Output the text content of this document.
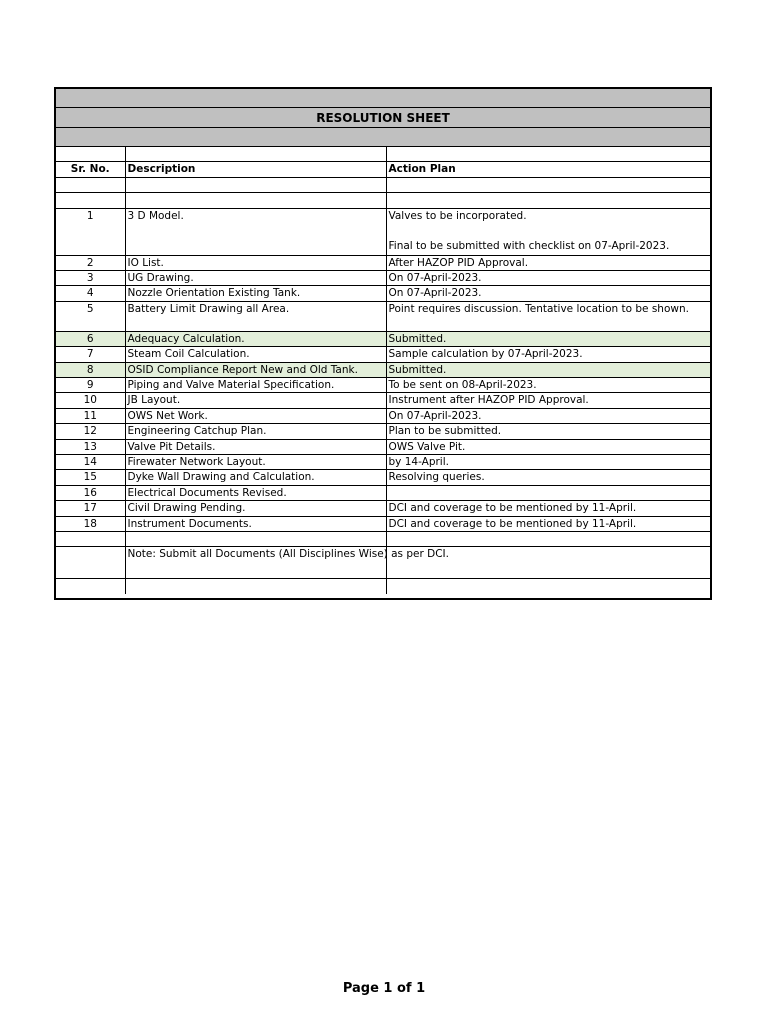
RESOLUTION SHEET

Sr. No.	Description	Action Plan

1	3 D Model.	Valves to be incorporated.
Final to be submitted with checklist on 07-April-2023.

2	IO List.	After HAZOP PID Approval.
3	UG Drawing.	On 07-April-2023.
4	Nozzle Orientation Existing Tank.	On 07-April-2023.
5	Battery Limit Drawing all Area.	Point requires discussion. Tentative location to be shown.
6	Adequacy Calculation.	Submitted.
7	Steam Coil Calculation.	Sample calculation by 07-April-2023.
8	OSID Compliance Report New and Old Tank.	Submitted.
9	Piping and Valve Material Specification.	To be sent on 08-April-2023.
10	JB Layout.	Instrument after HAZOP PID Approval.
11	OWS Net Work.	On 07-April-2023.
12	Engineering Catchup Plan.	Plan to be submitted.
13	Valve Pit Details.	OWS Valve Pit.
14	Firewater Network Layout.	by 14-April.
15	Dyke Wall Drawing and Calculation.	Resolving queries.
16	Electrical Documents Revised.	
17	Civil Drawing Pending.	DCI and coverage to be mentioned by 11-April.
18	Instrument Documents.	DCI and coverage to be mentioned by 11-April.

	Note: Submit all Documents (All Disciplines Wise) as per DCI.	

Page 1 of 1
